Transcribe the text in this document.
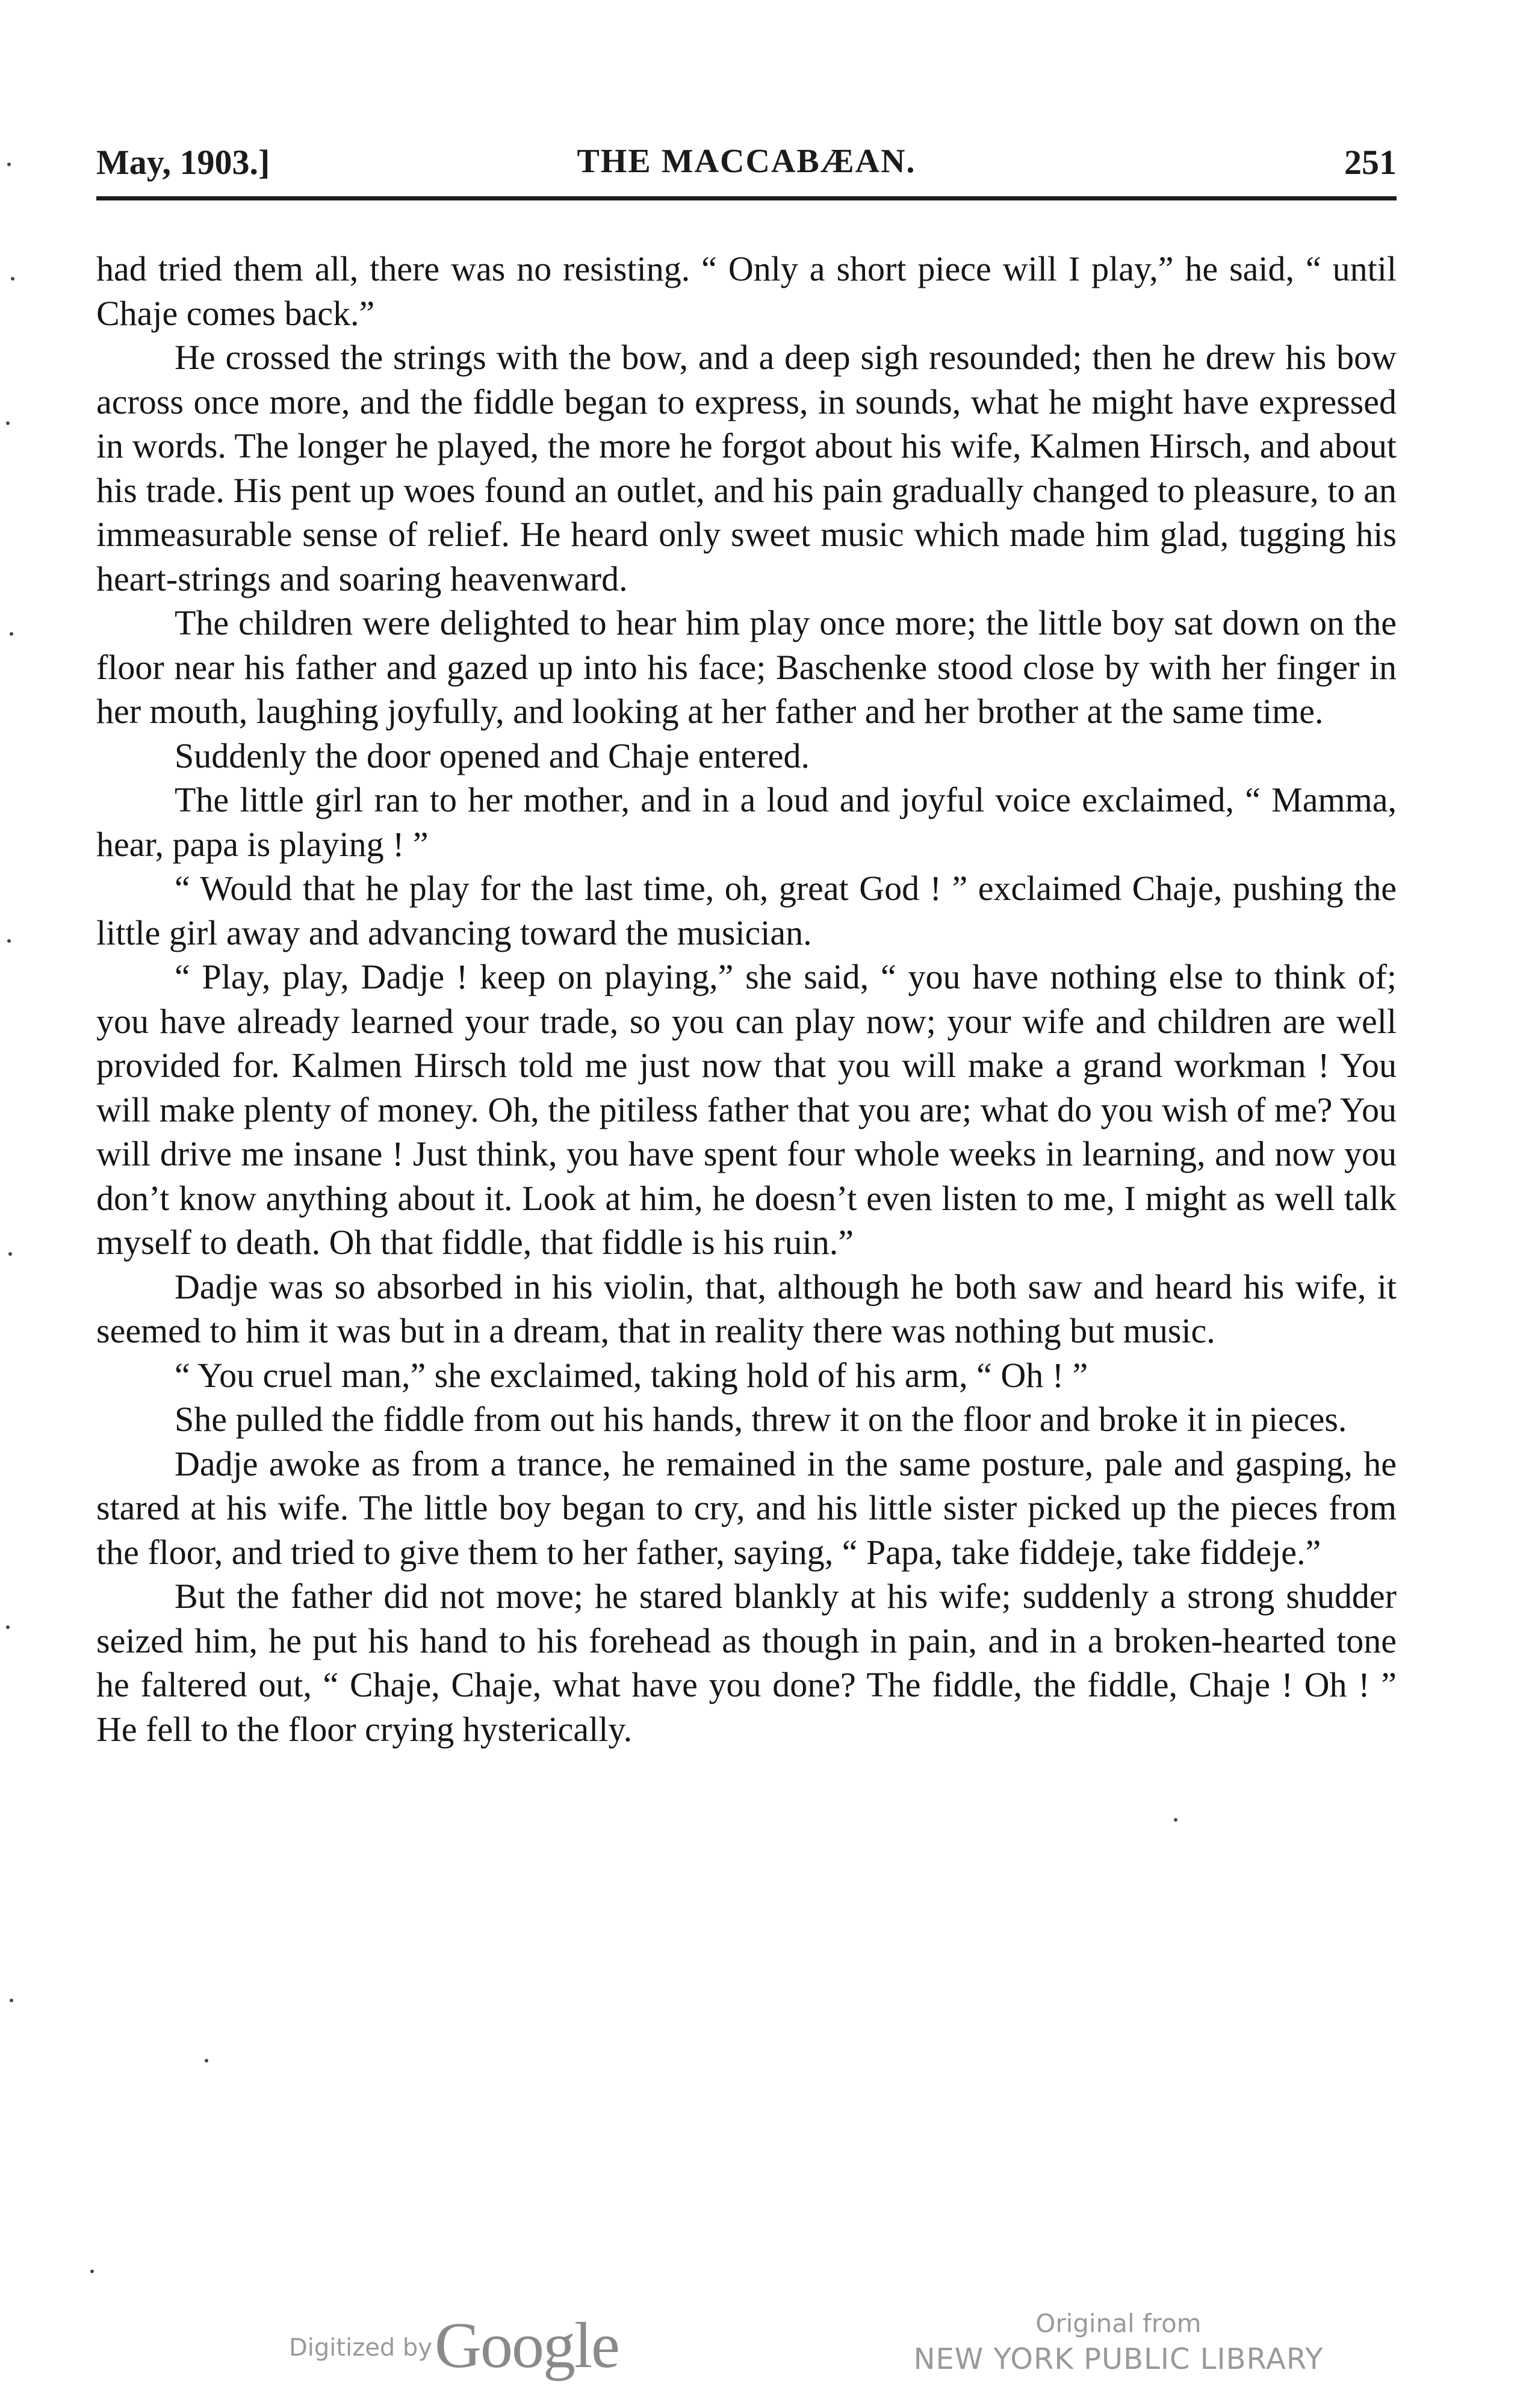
May, 1903.]	THE MACCABÆAN.	251

had tried them all, there was no resisting. “ Only a short piece will I play,” he said, “ until Chaje comes back.”

He crossed the strings with the bow, and a deep sigh resounded; then he drew his bow across once more, and the fiddle began to express, in sounds, what he might have expressed in words. The longer he played, the more he forgot about his wife, Kalmen Hirsch, and about his trade. His pent up woes found an outlet, and his pain gradually changed to pleasure, to an immeasurable sense of relief. He heard only sweet music which made him glad, tugging his heart-strings and soaring heavenward.

The children were delighted to hear him play once more; the little boy sat down on the floor near his father and gazed up into his face; Baschenke stood close by with her finger in her mouth, laughing joyfully, and looking at her father and her brother at the same time.

Suddenly the door opened and Chaje entered.

The little girl ran to her mother, and in a loud and joyful voice exclaimed, “ Mamma, hear, papa is playing ! ”

“ Would that he play for the last time, oh, great God ! ” exclaimed Chaje, pushing the little girl away and advancing toward the musician.

“ Play, play, Dadje ! keep on playing,” she said, “ you have nothing else to think of; you have already learned your trade, so you can play now; your wife and children are well provided for. Kalmen Hirsch told me just now that you will make a grand workman ! You will make plenty of money. Oh, the pitiless father that you are; what do you wish of me? You will drive me insane ! Just think, you have spent four whole weeks in learning, and now you don’t know anything about it. Look at him, he doesn’t even listen to me, I might as well talk myself to death. Oh that fiddle, that fiddle is his ruin.”

Dadje was so absorbed in his violin, that, although he both saw and heard his wife, it seemed to him it was but in a dream, that in reality there was nothing but music.

“ You cruel man,” she exclaimed, taking hold of his arm, “ Oh ! ”

She pulled the fiddle from out his hands, threw it on the floor and broke it in pieces.

Dadje awoke as from a trance, he remained in the same posture, pale and gasping, he stared at his wife. The little boy began to cry, and his little sister picked up the pieces from the floor, and tried to give them to her father, saying, “ Papa, take fiddeje, take fiddeje.”

But the father did not move; he stared blankly at his wife; suddenly a strong shudder seized him, he put his hand to his forehead as though in pain, and in a broken-hearted tone he faltered out, “ Chaje, Chaje, what have you done? The fiddle, the fiddle, Chaje ! Oh ! ” He fell to the floor crying hysterically.

Digitized by Google	Original from
NEW YORK PUBLIC LIBRARY
